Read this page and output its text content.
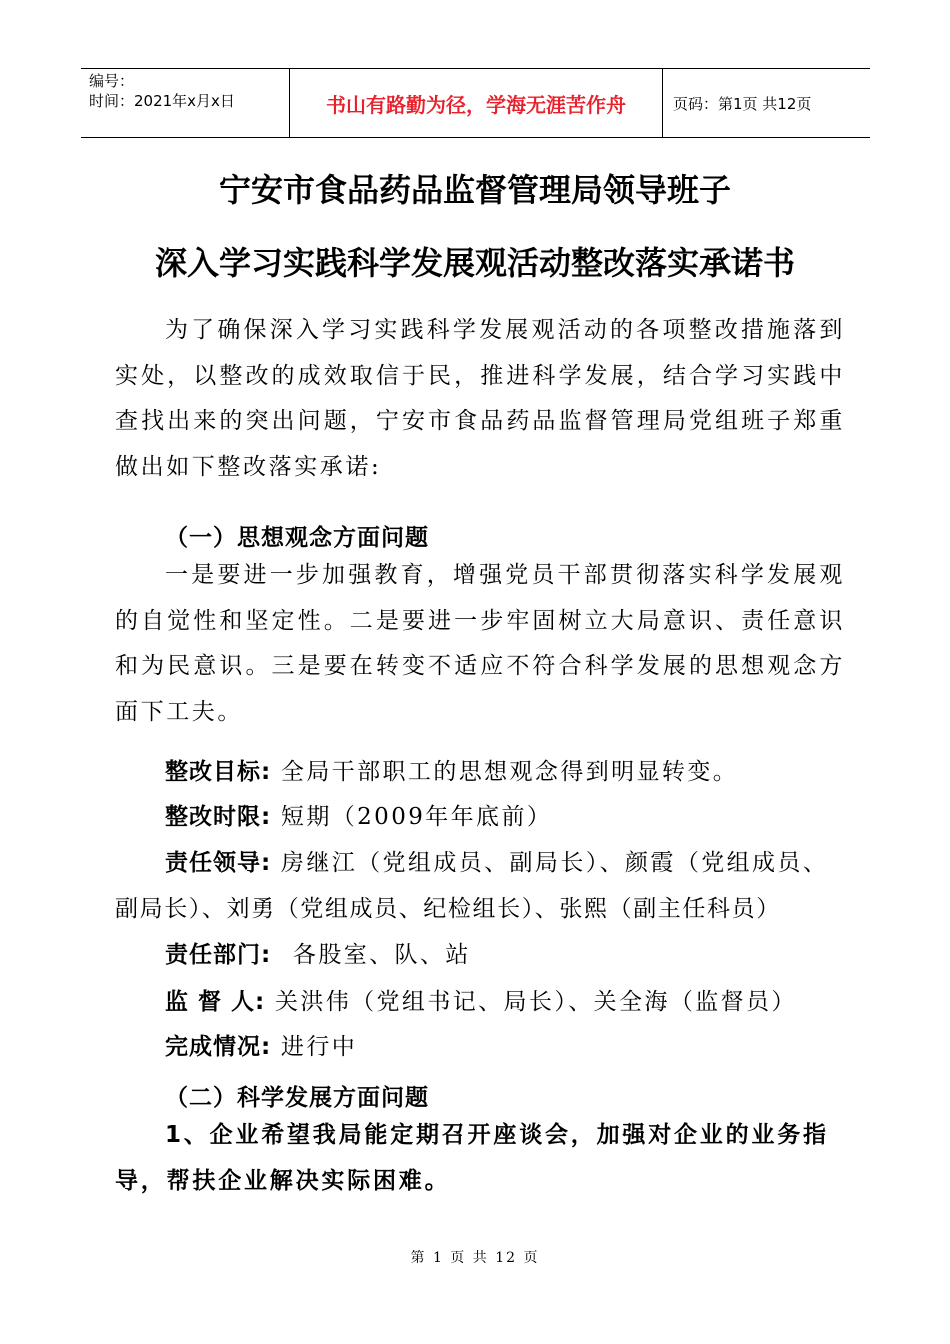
编号：
时间：2021年x月x日	书山有路勤为径，学海无涯苦作舟	页码：第1页 共12页
宁安市食品药品监督管理局领导班子
深入学习实践科学发展观活动整改落实承诺书
为了确保深入学习实践科学发展观活动的各项整改措施落到实处，以整改的成效取信于民，推进科学发展，结合学习实践中查找出来的突出问题，宁安市食品药品监督管理局党组班子郑重做出如下整改落实承诺:
（一）思想观念方面问题
一是要进一步加强教育，增强党员干部贯彻落实科学发展观的自觉性和坚定性。二是要进一步牢固树立大局意识、责任意识和为民意识。三是要在转变不适应不符合科学发展的思想观念方面下工夫。
整改目标: 全局干部职工的思想观念得到明显转变。
整改时限: 短期（2009年年底前）
责任领导: 房继江（党组成员、副局长）、颜霞（党组成员、
副局长）、刘勇（党组成员、纪检组长）、张熙（副主任科员）
责任部门: 各股室、队、站
监 督 人: 关洪伟（党组书记、局长）、关全海（监督员）
完成情况: 进行中
（二）科学发展方面问题
1、企业希望我局能定期召开座谈会，加强对企业的业务指导，帮扶企业解决实际困难。
第 1 页 共 12 页
